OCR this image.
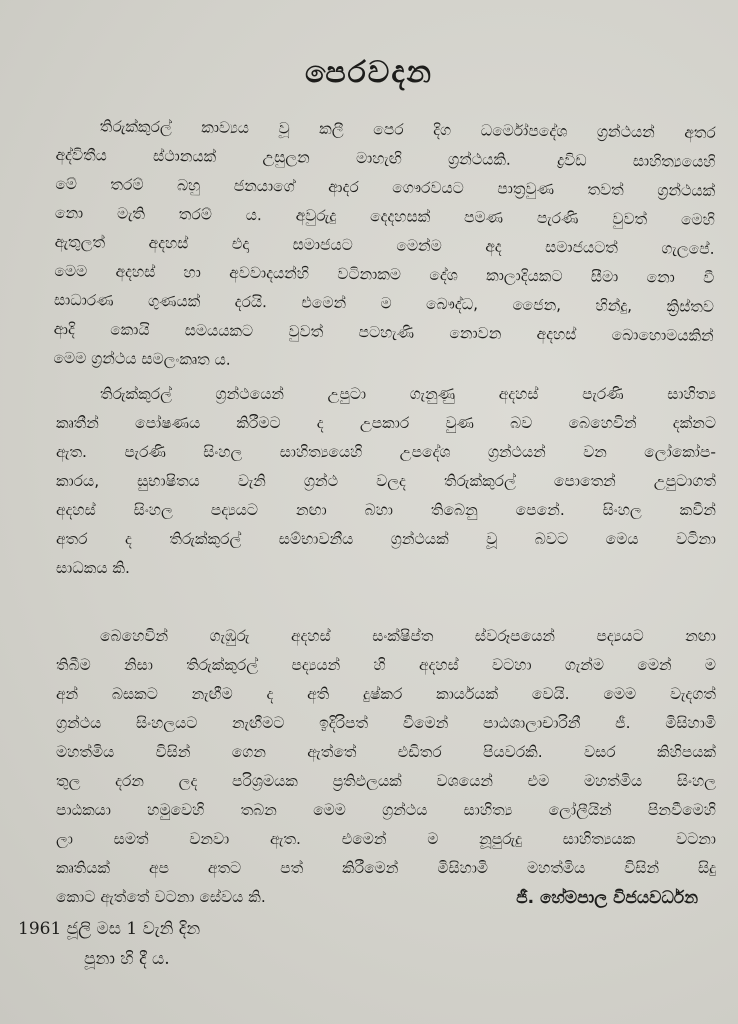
පෙරවදන
තිරුක්කුරල් කාව්‍යය වූ කලී පෙර දිග ධර්මෝපදේශ ග්‍රන්ථයන් අතර
අද්විතීය ස්ථානයක් උසුලන මාහැඟි ග්‍රන්ථයකි. ද්‍රවිඩ සාහිත්‍යයෙහි
මේ තරම් බහු ජනයාගේ ආදර ගෞරවයට පාත්‍රවුණ තවත් ග්‍රන්ථයක්
නො මැති තරම් ය. අවුරුදු දෙදහසක් පමණ පැරණි වුවත් මෙහි
ඇතුලත් අදහස් එදා සමාජයට මෙන්ම අද සමාජයටත් ගැලපේ.
මෙම අදහස් හා අවවාදයන්හි වටිනාකම දේශ කාලාදියකට සීමා නො වී
සාධාරණ ගුණයක් දරයි. එමෙන් ම බෞද්ධ, ජෛන, හින්දු, ක්‍රිස්තව
ආදි කොයි සමයයකට වුවත් පටහැණි නොවන අදහස් බොහොමයකින්
මෙම ග්‍රන්ථය සමලංකෘත ය.
තිරුක්කුරල් ග්‍රන්ථයෙන් උපුටා ගැනුණු අදහස් පැරණි සාහිත්‍ය
කෘතීන් පෝෂණය කිරීමට ද උපකාර වුණ බව බෙහෙවින් දක්නට
ඇත. පැරණි සිංහල සාහිත්‍යයෙහි උපදේශ ග්‍රන්ථයන් වන ලෝකෝප-
කාරය, සුභාෂිතය වැනි ග්‍රන්ථ වලද තිරුක්කුරල් පොතෙන් උපුටාගත්
අදහස් සිංහල පද්‍යයට නඟා බහා තිබෙනු පෙනේ. සිංහල කවීන්
අතර ද තිරුක්කුරල් සම්භාවනීය ග්‍රන්ථයක් වූ බවට මෙය වටිනා
සාධකය කි.
බෙහෙවින් ගැඹුරු අදහස් සංක්ෂිප්ත ස්වරූපයෙන් පද්‍යයට නඟා
තිබීම නිසා තිරුක්කුරල් පද්‍යයන් හි අදහස් වටහා ගැන්ම මෙන් ම
අන් බසකට නැඟීම ද අති දුෂ්කර කාර්යයක් වෙයි. මෙම වැදගත්
ග්‍රන්ථය සිංහලයට නැඟීමට ඉදිරිපත් වීමෙන් පාඨශාලාචාරිනී ජී. මිසිහාමි
මහත්මිය විසින් ගෙන ඇත්තේ එඩිතර පියවරකි. වසර කිහිපයක්
තුල දරන ලද පරිශ්‍රමයක ප්‍රතිඵලයක් වශයෙන් එම මහත්මිය සිංහල
පාඨකයා හමුවෙහි තබන මෙම ග්‍රන්ථය සාහිත්‍ය ලෝලීයින් පිනවීමෙහි
ලා සමත් වනවා ඇත. එමෙන් ම නූපුරුදු සාහිත්‍යයක වටනා
කෘතියක් අප අතට පත් කිරීමෙන් මිසිහාමි මහත්මිය විසින් සිදු
කොට ඇත්තේ වටනා සේවය කි.	ජී. හේමපාල විජයවර්ධන

1961 ජූලි මස 1 වැනි දින
පූනා හි දී ය.
